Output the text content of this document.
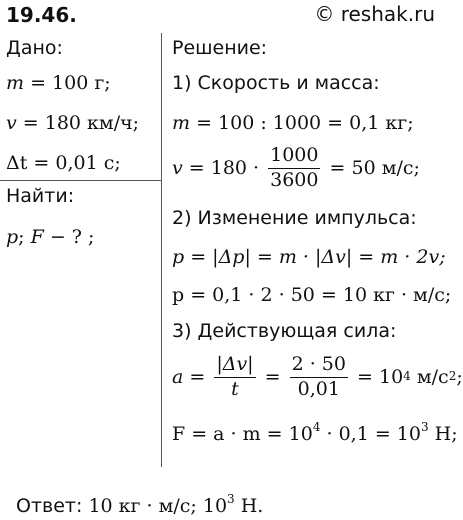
19.46.	© reshak.ru
Дано:
m = 100 г;
v = 180 км/ч;
Δt = 0,01 с;
Найти:
p; F − ? ;
Решение:
1) Скорость и масса:
m = 100 : 1000 = 0,1 кг;
$v = 180 \cdot \frac{1000}{3600} = 50$ м/с;
2) Изменение импульса:
p = |Δp| = m · |Δv| = m · 2v;
p = 0,1 · 2 · 50 = 10 кг · м/с;
3) Действующая сила:
$a = \frac{|\Delta v|}{t} = \frac{2 \cdot 50}{0,01} = 10^4$ $м/с^2$ ;
$F = a \cdot m = 10^4 \cdot 0,1 = 10^3$ Н;
Ответ: 10 кг · м/с; $10^3$ Н.
